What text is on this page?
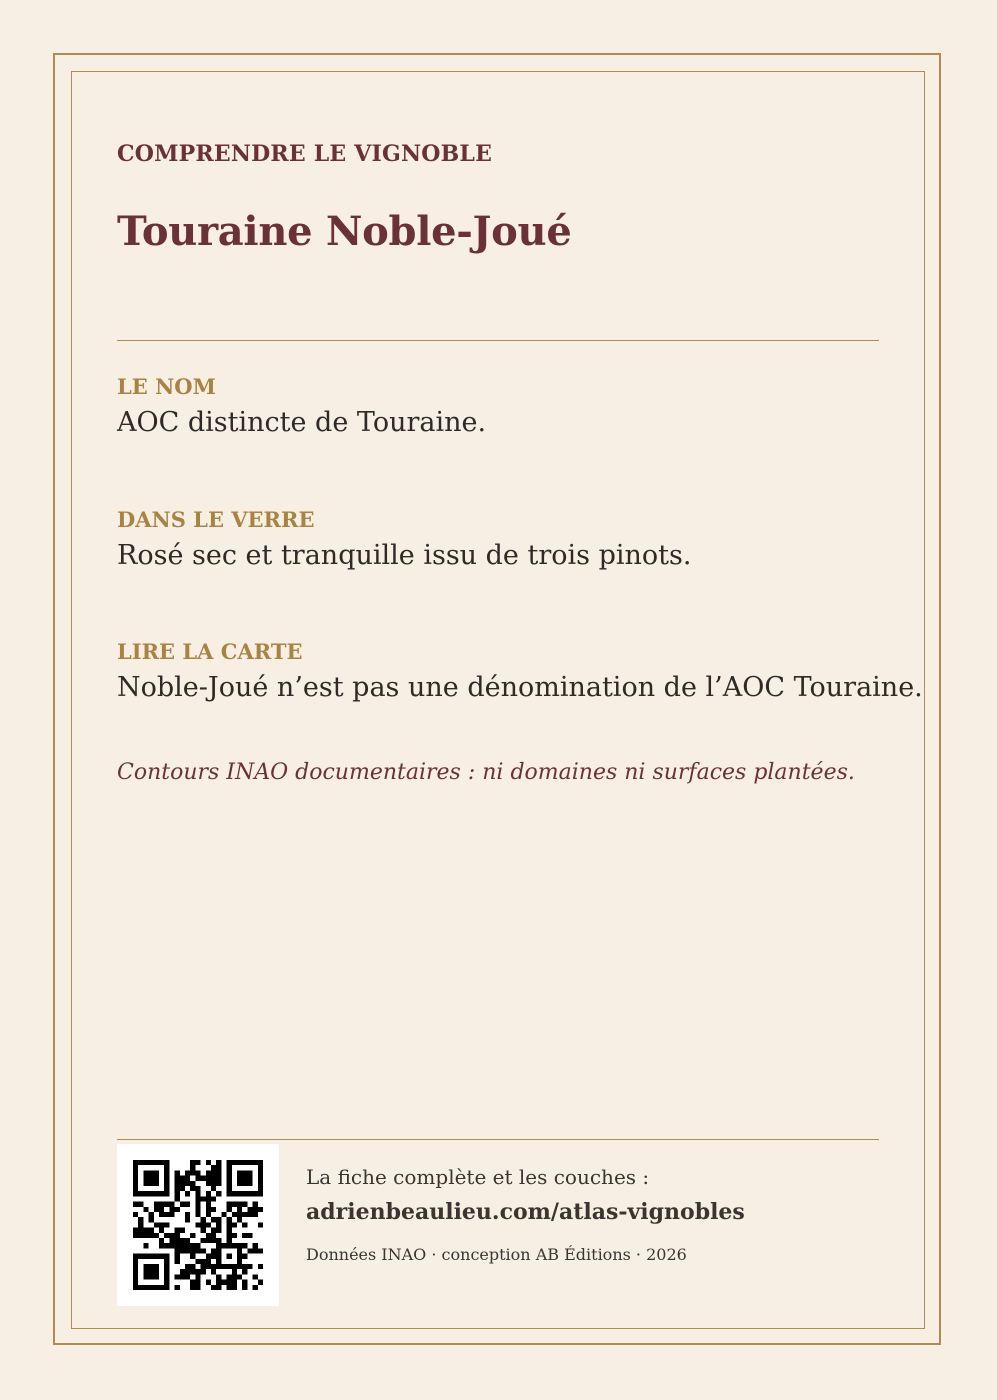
COMPRENDRE LE VIGNOBLE
Touraine Noble-Joué

LE NOM

AOC distincte de Touraine.

DANS LE VERRE

Rosé sec et tranquille issu de trois pinots.

LIRE LA CARTE

Noble-Joué n’est pas une dénomination de l’AOC Touraine.

Contours INAO documentaires : ni domaines ni surfaces plantées.
La fiche complète et les couches :
adrienbeaulieu.com/atlas-vignobles
Données INAO · conception AB Éditions · 2026
